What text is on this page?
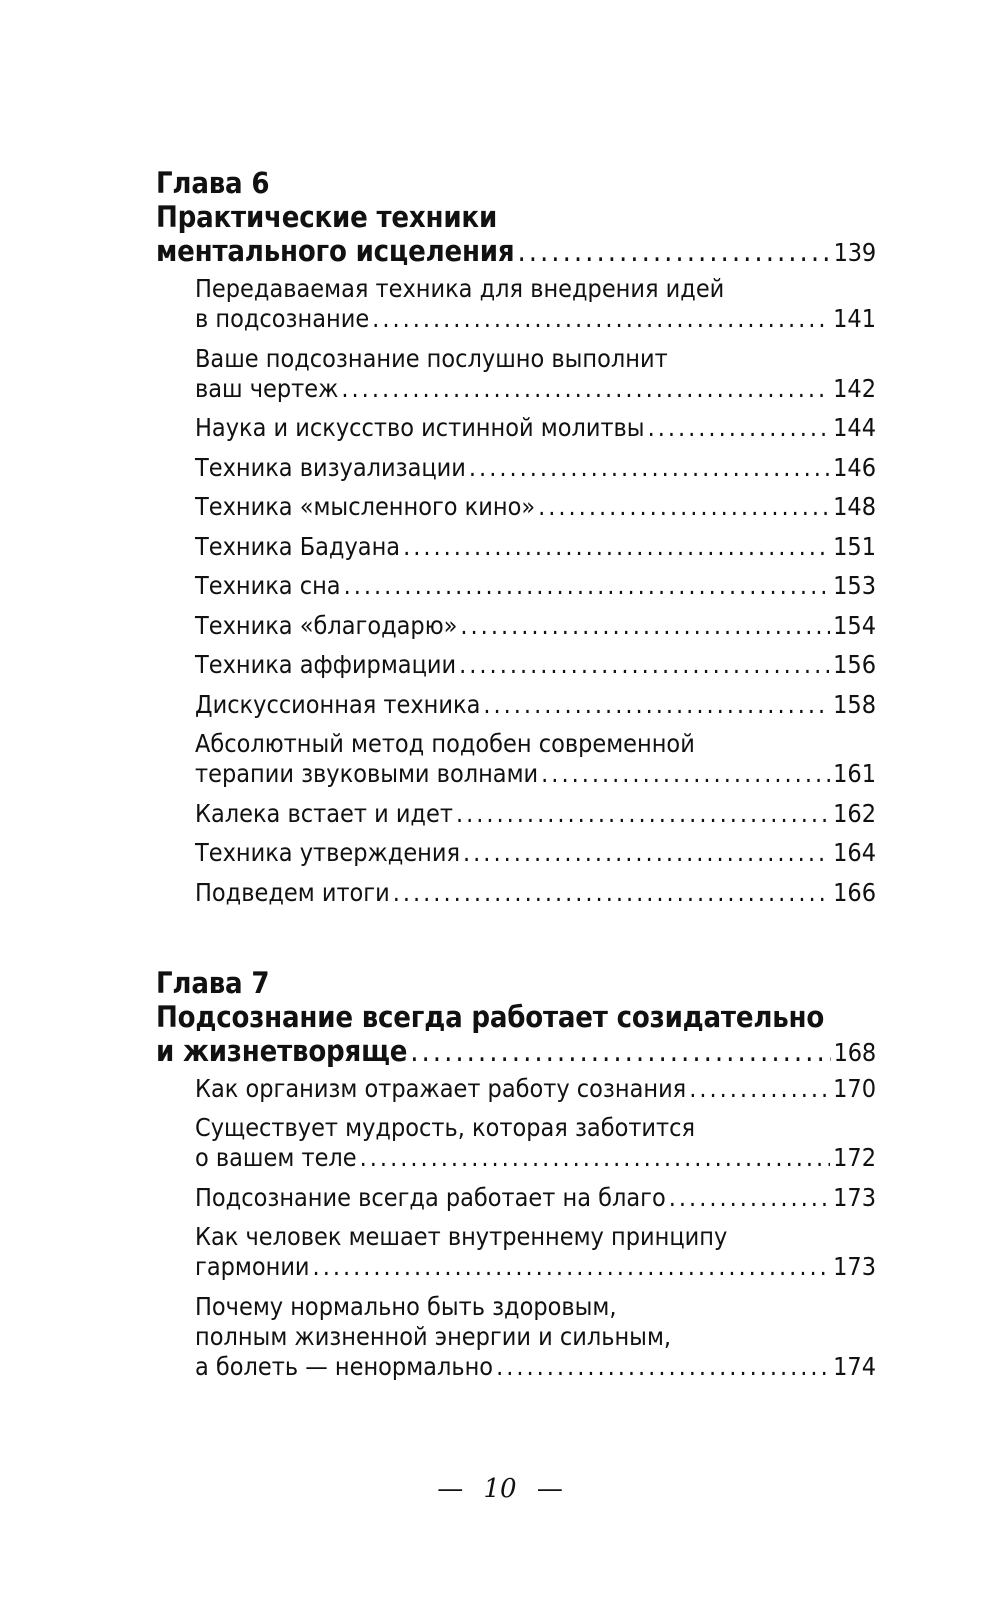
Глава 6
Практические техники
ментального исцеления .....	139
Передаваемая техника для внедрения идей
в подсознание .....	141
Ваше подсознание послушно выполнит
ваш чертеж .....	142
Наука и искусство истинной молитвы .....	144
Техника визуализации .....	146
Техника «мысленного кино» .....	148
Техника Бадуана .....	151
Техника сна .....	153
Техника «благодарю» .....	154
Техника аффирмации .....	156
Дискуссионная техника .....	158
Абсолютный метод подобен современной
терапии звуковыми волнами .....	161
Калека встает и идет .....	162
Техника утверждения .....	164
Подведем итоги .....	166
Глава 7
Подсознание всегда работает созидательно
и жизнетворяще .....	168
Как организм отражает работу сознания .....	170
Существует мудрость, которая заботится
о вашем теле .....	172
Подсознание всегда работает на благо .....	173
Как человек мешает внутреннему принципу
гармонии .....	173
Почему нормально быть здоровым,
полным жизненной энергии и сильным,
а болеть — ненормально .....	174
— 10 —
